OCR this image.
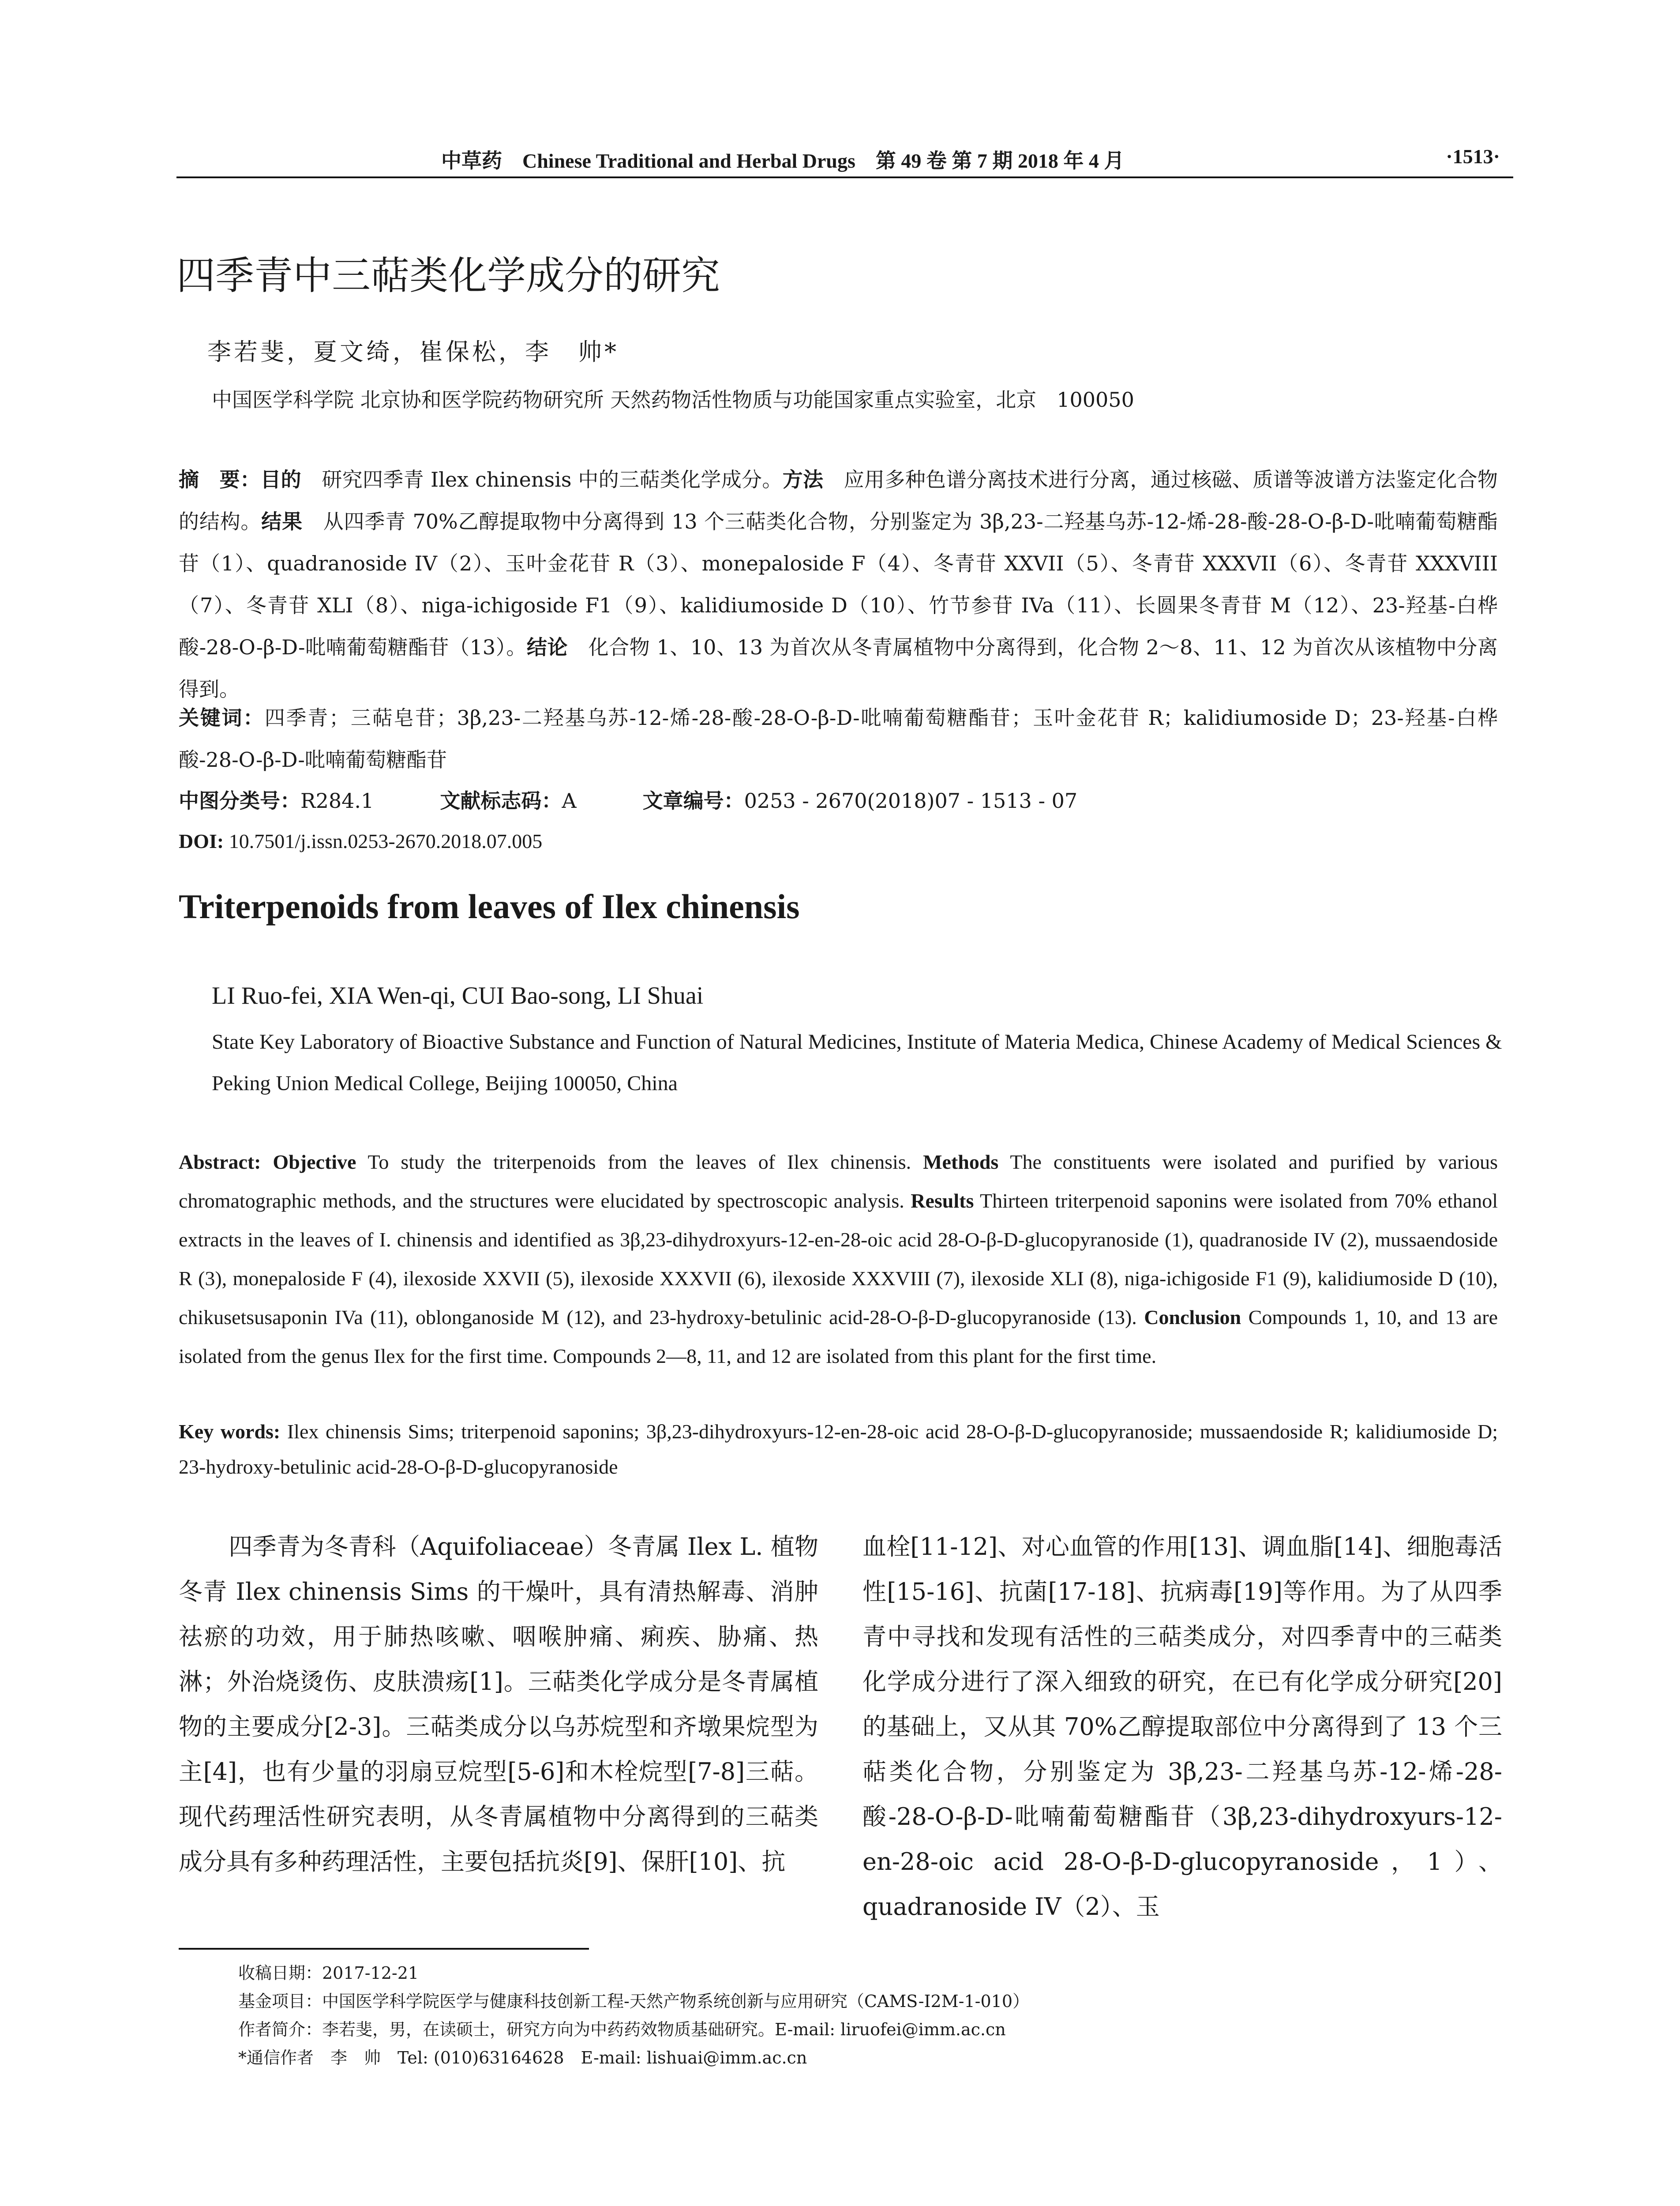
中草药 Chinese Traditional and Herbal Drugs 第 49 卷 第 7 期 2018 年 4 月	·1513·
四季青中三萜类化学成分的研究
李若斐，夏文绮，崔保松，李　帅*
中国医学科学院 北京协和医学院药物研究所 天然药物活性物质与功能国家重点实验室，北京　100050
摘　要：目的　研究四季青 Ilex chinensis 中的三萜类化学成分。方法　应用多种色谱分离技术进行分离，通过核磁、质谱等波谱方法鉴定化合物的结构。结果　从四季青 70%乙醇提取物中分离得到 13 个三萜类化合物，分别鉴定为 3β,23-二羟基乌苏-12-烯-28-酸-28-O-β-D-吡喃葡萄糖酯苷（1）、quadranoside IV（2）、玉叶金花苷 R（3）、monepaloside F（4）、冬青苷 XXVII（5）、冬青苷 XXXVII（6）、冬青苷 XXXVIII（7）、冬青苷 XLI（8）、niga-ichigoside F1（9）、kalidiumoside D（10）、竹节参苷 IVa（11）、长圆果冬青苷 M（12）、23-羟基-白桦酸-28-O-β-D-吡喃葡萄糖酯苷（13）。结论　化合物 1、10、13 为首次从冬青属植物中分离得到，化合物 2～8、11、12 为首次从该植物中分离得到。
关键词：四季青；三萜皂苷；3β,23-二羟基乌苏-12-烯-28-酸-28-O-β-D-吡喃葡萄糖酯苷；玉叶金花苷 R；kalidiumoside D；23-羟基-白桦酸-28-O-β-D-吡喃葡萄糖酯苷
中图分类号：R284.1	文献标志码：A	文章编号：0253 - 2670(2018)07 - 1513 - 07
DOI: 10.7501/j.issn.0253-2670.2018.07.005
Triterpenoids from leaves of Ilex chinensis
LI Ruo-fei, XIA Wen-qi, CUI Bao-song, LI Shuai
State Key Laboratory of Bioactive Substance and Function of Natural Medicines, Institute of Materia Medica, Chinese Academy of Medical Sciences & Peking Union Medical College, Beijing 100050, China
Abstract: Objective To study the triterpenoids from the leaves of Ilex chinensis. Methods The constituents were isolated and purified by various chromatographic methods, and the structures were elucidated by spectroscopic analysis. Results Thirteen triterpenoid saponins were isolated from 70% ethanol extracts in the leaves of I. chinensis and identified as 3β,23-dihydroxyurs-12-en-28-oic acid 28-O-β-D-glucopyranoside (1), quadranoside IV (2), mussaendoside R (3), monepaloside F (4), ilexoside XXVII (5), ilexoside XXXVII (6), ilexoside XXXVIII (7), ilexoside XLI (8), niga-ichigoside F1 (9), kalidiumoside D (10), chikusetsusaponin IVa (11), oblonganoside M (12), and 23-hydroxy-betulinic acid-28-O-β-D-glucopyranoside (13). Conclusion Compounds 1, 10, and 13 are isolated from the genus Ilex for the first time. Compounds 2—8, 11, and 12 are isolated from this plant for the first time.
Key words: Ilex chinensis Sims; triterpenoid saponins; 3β,23-dihydroxyurs-12-en-28-oic acid 28-O-β-D-glucopyranoside; mussaendoside R; kalidiumoside D; 23-hydroxy-betulinic acid-28-O-β-D-glucopyranoside
四季青为冬青科（Aquifoliaceae）冬青属 Ilex L. 植物冬青 Ilex chinensis Sims 的干燥叶，具有清热解毒、消肿祛瘀的功效，用于肺热咳嗽、咽喉肿痛、痢疾、胁痛、热淋；外治烧烫伤、皮肤溃疡[1]。三萜类化学成分是冬青属植物的主要成分[2-3]。三萜类成分以乌苏烷型和齐墩果烷型为主[4]，也有少量的羽扇豆烷型[5-6]和木栓烷型[7-8]三萜。现代药理活性研究表明，从冬青属植物中分离得到的三萜类成分具有多种药理活性，主要包括抗炎[9]、保肝[10]、抗
血栓[11-12]、对心血管的作用[13]、调血脂[14]、细胞毒活性[15-16]、抗菌[17-18]、抗病毒[19]等作用。为了从四季青中寻找和发现有活性的三萜类成分，对四季青中的三萜类化学成分进行了深入细致的研究，在已有化学成分研究[20]的基础上，又从其 70%乙醇提取部位中分离得到了 13 个三萜类化合物，分别鉴定为 3β,23-二羟基乌苏-12-烯-28-酸-28-O-β-D-吡喃葡萄糖酯苷（3β,23-dihydroxyurs-12-en-28-oic acid 28-O-β-D-glucopyranoside，1）、quadranoside IV（2）、玉
收稿日期：2017-12-21
基金项目：中国医学科学院医学与健康科技创新工程-天然产物系统创新与应用研究（CAMS-I2M-1-010）
作者简介：李若斐，男，在读硕士，研究方向为中药药效物质基础研究。E-mail: liruofei@imm.ac.cn
*通信作者　李　帅　Tel: (010)63164628　E-mail: lishuai@imm.ac.cn
